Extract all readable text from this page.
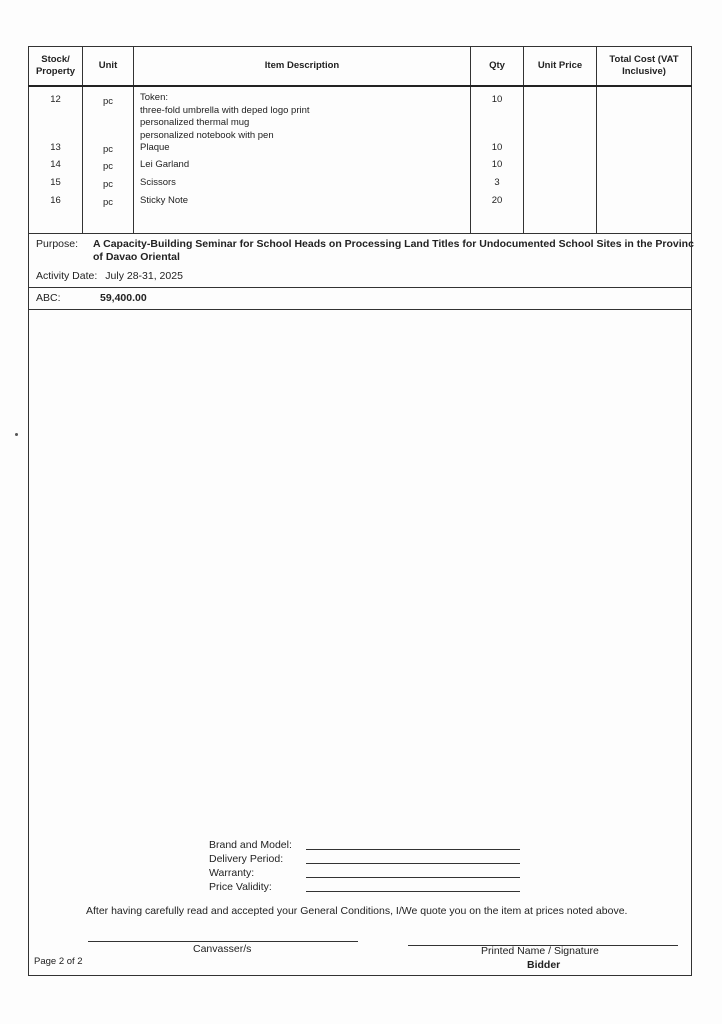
Stock/ Property	Unit	Item Description	Qty	Unit Price	Total Cost (VAT Inclusive)
12	pc	Token:
three-fold umbrella with deped logo print
personalized thermal mug
personalized notebook with pen	10		
13	pc	Plaque	10		
14	pc	Lei Garland	10		
15	pc	Scissors	3		
16	pc	Sticky Note	20		
Purpose: A Capacity-Building Seminar for School Heads on Processing Land Titles for Undocumented School Sites in the Provinc
of Davao Oriental
Activity Date: July 28-31, 2025
ABC:	59,400.00
Brand and Model:
Delivery Period:
Warranty:
Price Validity:
After having carefully read and accepted your General Conditions, I/We quote you on the item at prices noted above.
Canvasser/s	Printed Name / Signature
Bidder
Page 2 of 2
